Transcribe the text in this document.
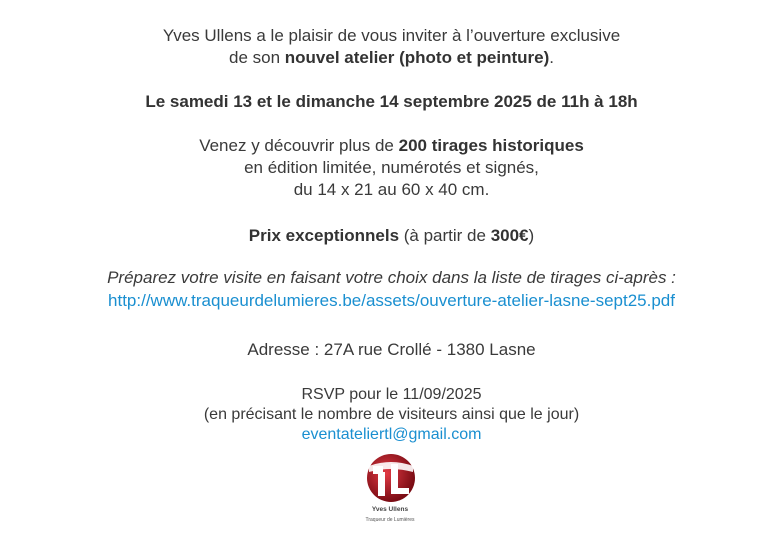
Yves Ullens a le plaisir de vous inviter à l’ouverture exclusive
de son nouvel atelier (photo et peinture).
Le samedi 13 et le dimanche 14 septembre 2025 de 11h à 18h
Venez y découvrir plus de 200 tirages historiques
en édition limitée, numérotés et signés,
du 14 x 21 au 60 x 40 cm.
Prix exceptionnels (à partir de 300€)
Préparez votre visite en faisant votre choix dans la liste de tirages ci-après :
http://www.traqueurdelumieres.be/assets/ouverture-atelier-lasne-sept25.pdf
Adresse : 27A rue Crollé - 1380 Lasne
RSVP pour le 11/09/2025
(en précisant le nombre de visiteurs ainsi que le jour)
eventateliertl@gmail.com
Yves Ullens
Traqueur de Lumières
